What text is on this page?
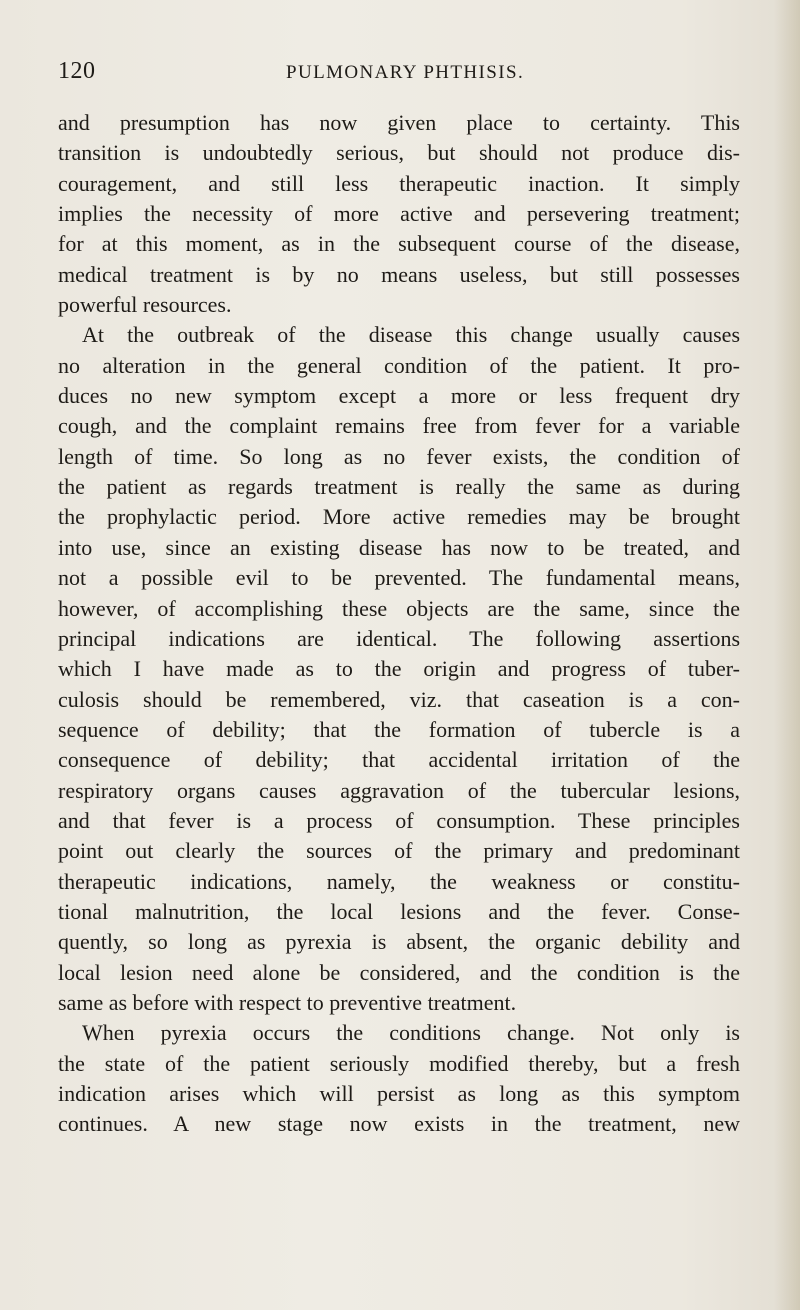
120	PULMONARY PHTHISIS.
and presumption has now given place to certainty. This
transition is undoubtedly serious, but should not produce dis-
couragement, and still less therapeutic inaction. It simply
implies the necessity of more active and persevering treatment;
for at this moment, as in the subsequent course of the disease,
medical treatment is by no means useless, but still possesses
powerful resources.
At the outbreak of the disease this change usually causes
no alteration in the general condition of the patient. It pro-
duces no new symptom except a more or less frequent dry
cough, and the complaint remains free from fever for a variable
length of time. So long as no fever exists, the condition of
the patient as regards treatment is really the same as during
the prophylactic period. More active remedies may be brought
into use, since an existing disease has now to be treated, and
not a possible evil to be prevented. The fundamental means,
however, of accomplishing these objects are the same, since the
principal indications are identical. The following assertions
which I have made as to the origin and progress of tuber-
culosis should be remembered, viz. that caseation is a con-
sequence of debility; that the formation of tubercle is a
consequence of debility; that accidental irritation of the
respiratory organs causes aggravation of the tubercular lesions,
and that fever is a process of consumption. These principles
point out clearly the sources of the primary and predominant
therapeutic indications, namely, the weakness or constitu-
tional malnutrition, the local lesions and the fever. Conse-
quently, so long as pyrexia is absent, the organic debility and
local lesion need alone be considered, and the condition is the
same as before with respect to preventive treatment.
When pyrexia occurs the conditions change. Not only is
the state of the patient seriously modified thereby, but a fresh
indication arises which will persist as long as this symptom
continues. A new stage now exists in the treatment, new
